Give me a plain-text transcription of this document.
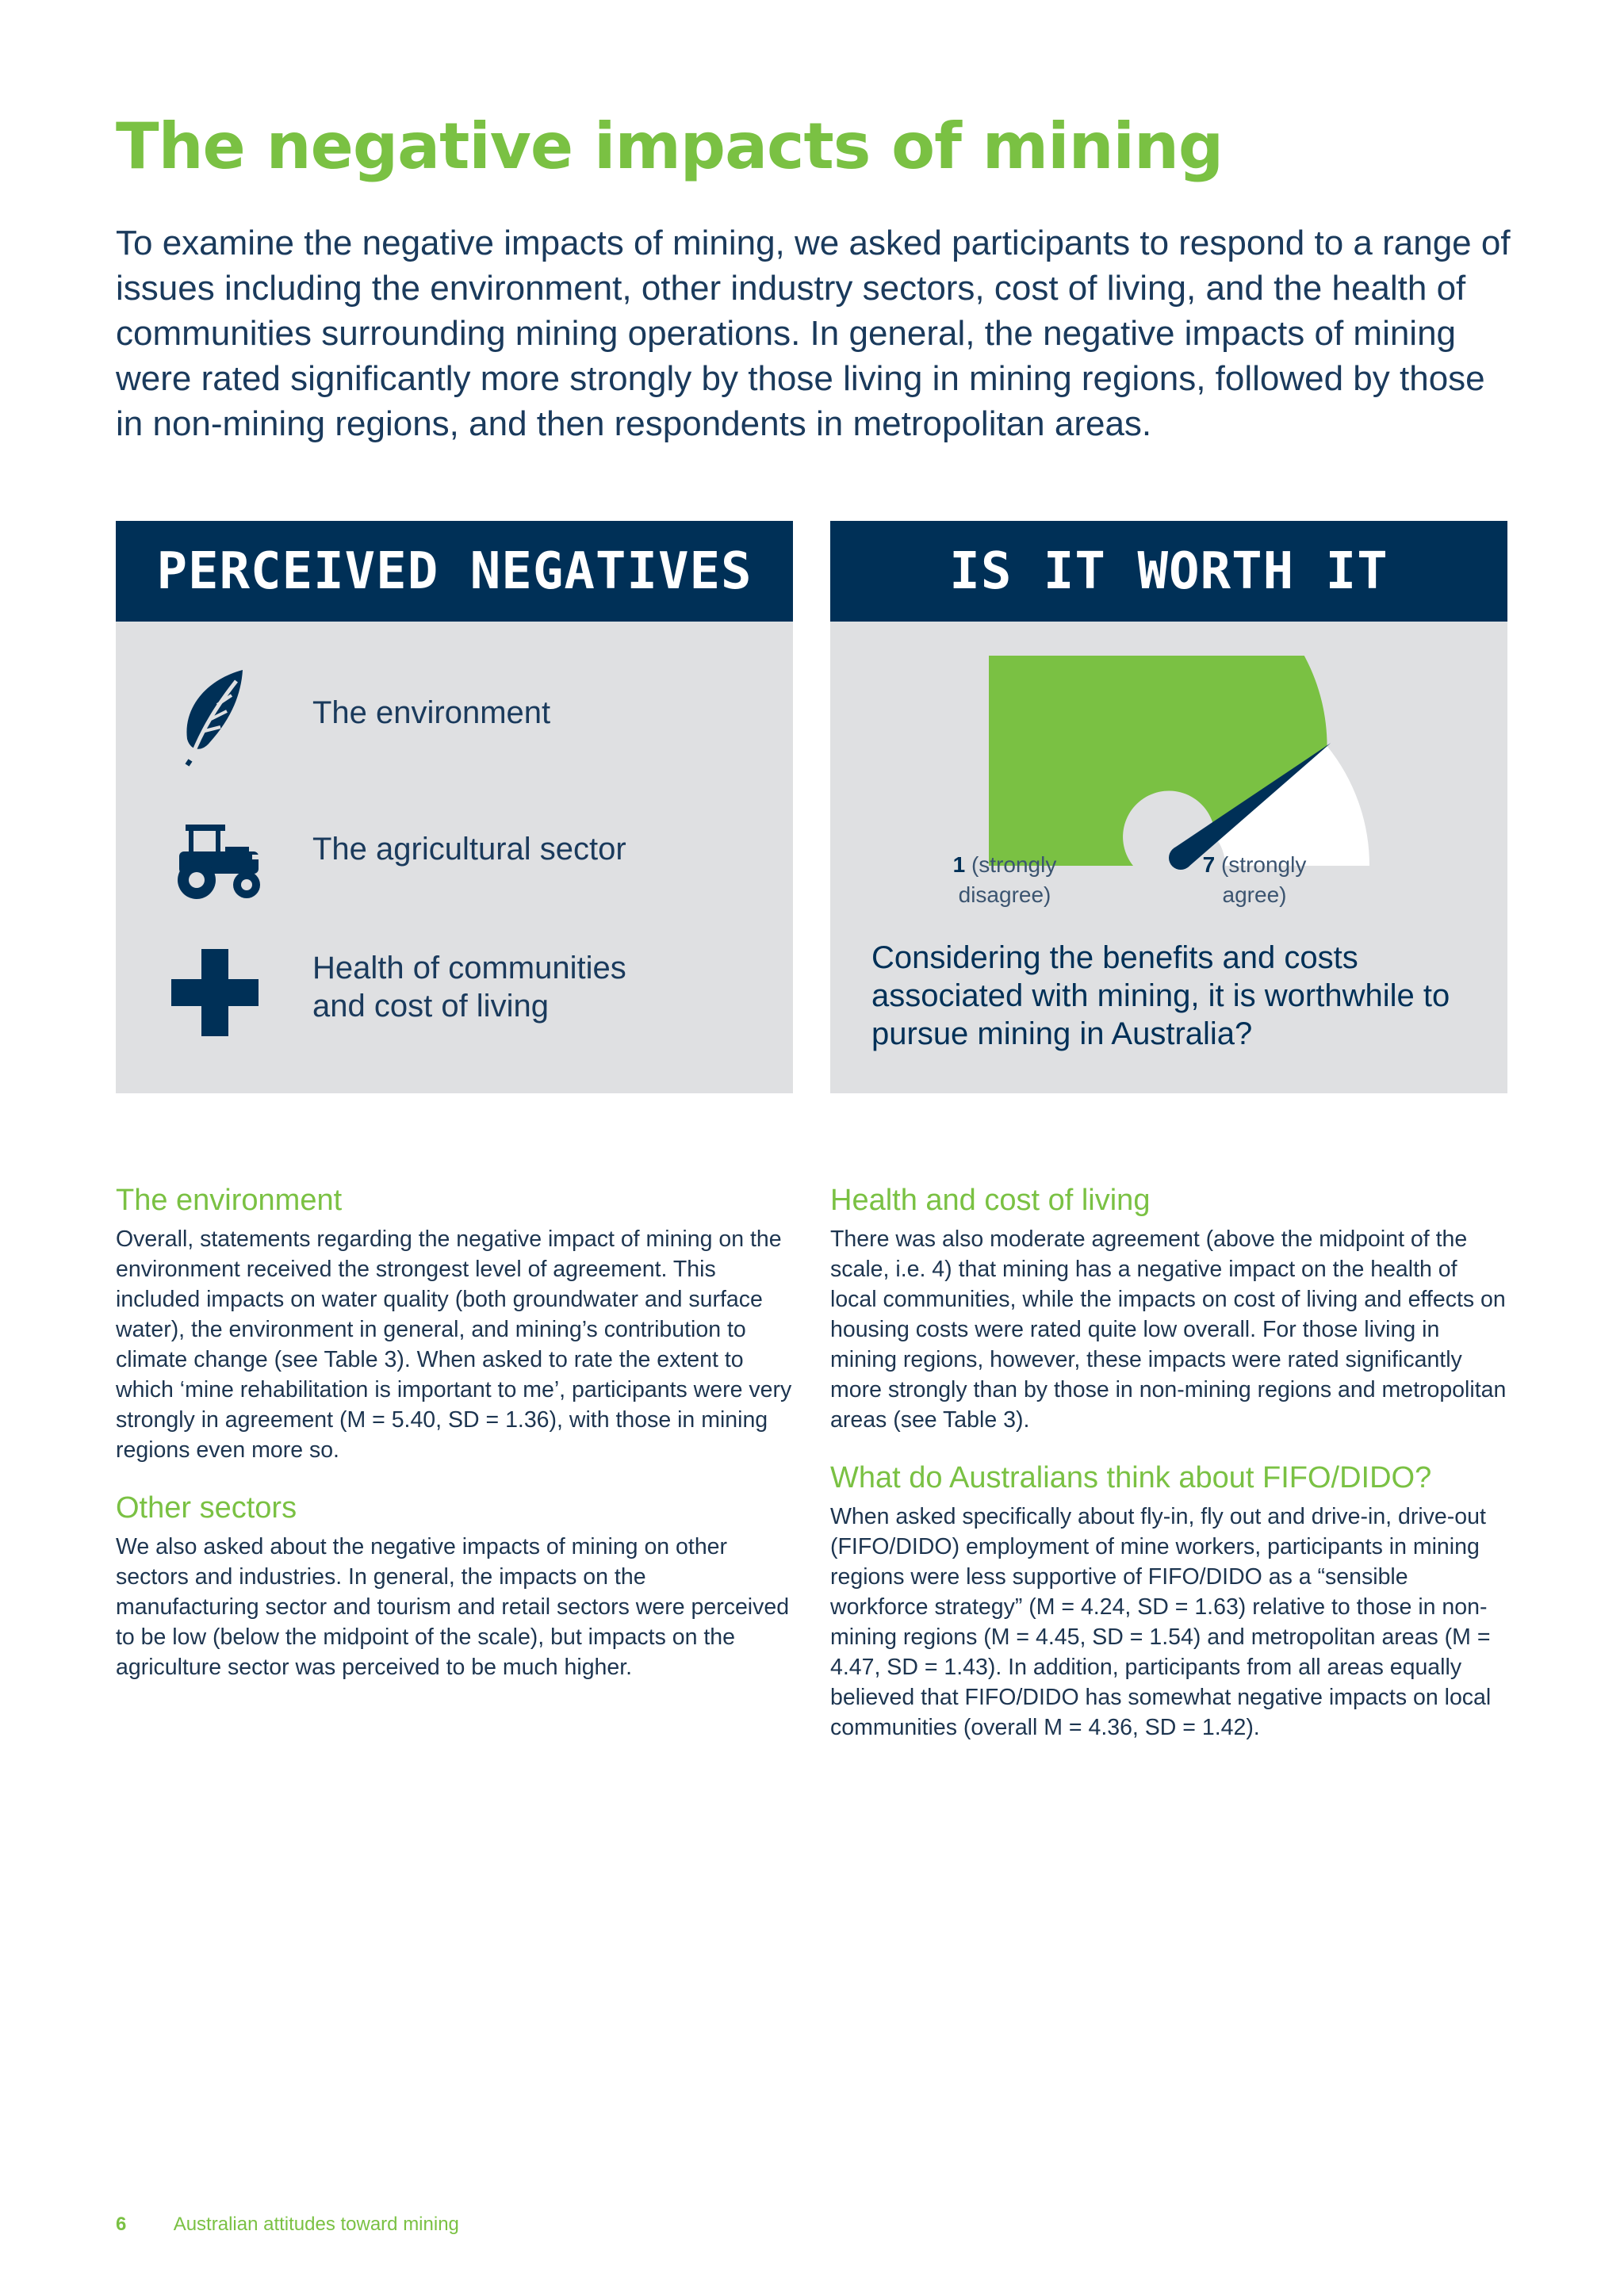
The negative impacts of mining
To examine the negative impacts of mining, we asked participants to respond to a range of issues including the environment, other industry sectors, cost of living, and the health of communities surrounding mining operations. In general, the negative impacts of mining were rated significantly more strongly by those living in mining regions, followed by those in non-mining regions, and then respondents in metropolitan areas.
PERCEIVED NEGATIVES
The environment
The agricultural sector
Health of communities
and cost of living
IS IT WORTH IT
1 (strongly
disagree)
7 (strongly
agree)
Considering the benefits and costs associated with mining, it is worthwhile to pursue mining in Australia?
The environment
Overall, statements regarding the negative impact of mining on the environment received the strongest level of agreement. This included impacts on water quality (both groundwater and surface water), the environment in general, and mining’s contribution to climate change (see Table 3). When asked to rate the extent to which ‘mine rehabilitation is important to me’, participants were very strongly in agreement (M = 5.40, SD = 1.36), with those in mining regions even more so.
Other sectors
We also asked about the negative impacts of mining on other sectors and industries. In general, the impacts on the manufacturing sector and tourism and retail sectors were perceived to be low (below the midpoint of the scale), but impacts on the agriculture sector was perceived to be much higher.
Health and cost of living
There was also moderate agreement (above the midpoint of the scale, i.e. 4) that mining has a negative impact on the health of local communities, while the impacts on cost of living and effects on housing costs were rated quite low overall. For those living in mining regions, however, these impacts were rated significantly more strongly than by those in non-mining regions and metropolitan areas (see Table 3).
What do Australians think about FIFO/DIDO?
When asked specifically about fly-in, fly out and drive-in, drive-out (FIFO/DIDO) employment of mine workers, participants in mining regions were less supportive of FIFO/DIDO as a “sensible workforce strategy” (M = 4.24, SD = 1.63) relative to those in non-mining regions (M = 4.45, SD = 1.54) and metropolitan areas (M = 4.47, SD = 1.43). In addition, participants from all areas equally believed that FIFO/DIDO has somewhat negative impacts on local communities (overall M = 4.36, SD = 1.42).
6 Australian attitudes toward mining
